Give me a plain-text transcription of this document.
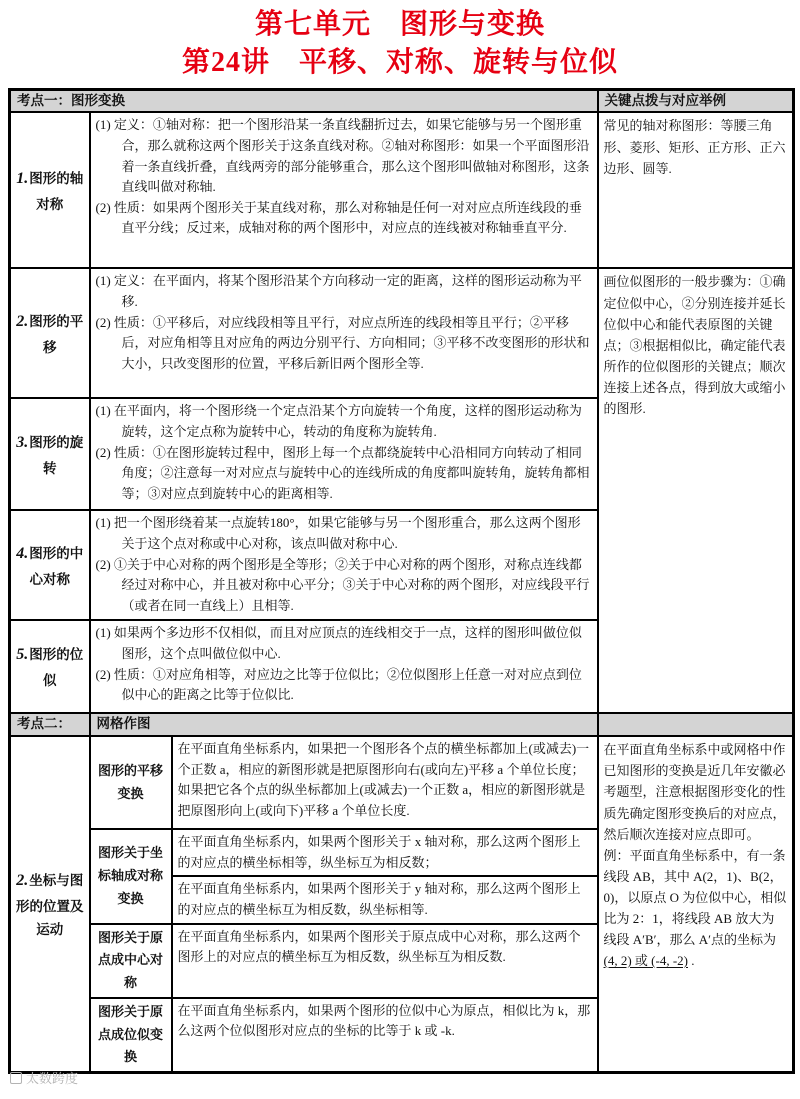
第七单元　图形与变换
第24讲　平移、对称、旋转与位似
考点一：图形变换			关键点拨与对应举例
1.图形的轴对称	(1) 定义：①轴对称：把一个图形沿某一条直线翻折过去，如果它能够与另一个图形重合，那么就称这两个图形关于这条直线对称。②轴对称图形：如果一个平面图形沿着一条直线折叠，直线两旁的部分能够重合，那么这个图形叫做轴对称图形，这条直线叫做对称轴.

(2) 性质：如果两个图形关于某直线对称，那么对称轴是任何一对对应点所连线段的垂直平分线；反过来，成轴对称的两个图形中，对应点的连线被对称轴垂直平分.		常见的轴对称图形：等腰三角形、菱形、矩形、正方形、正六边形、圆等.
2.图形的平移	(1) 定义：在平面内，将某个图形沿某个方向移动一定的距离，这样的图形运动称为平移.

(2) 性质：①平移后，对应线段相等且平行，对应点所连的线段相等且平行；②平移后，对应角相等且对应角的两边分别平行、方向相同；③平移不改变图形的形状和大小，只改变图形的位置，平移后新旧两个图形全等.		画位似图形的一般步骤为：①确定位似中心，②分别连接并延长位似中心和能代表原图的关键点；③根据相似比，确定能代表所作的位似图形的关键点；顺次连接上述各点，得到放大或缩小的图形.
3.图形的旋转	(1) 在平面内，将一个图形绕一个定点沿某个方向旋转一个角度，这样的图形运动称为旋转，这个定点称为旋转中心，转动的角度称为旋转角.

(2) 性质：①在图形旋转过程中，图形上每一个点都绕旋转中心沿相同方向转动了相同角度；②注意每一对对应点与旋转中心的连线所成的角度都叫旋转角，旋转角都相等；③对应点到旋转中心的距离相等.		

4.图形的中心对称	(1) 把一个图形绕着某一点旋转180°，如果它能够与另一个图形重合，那么这两个图形关于这个点对称或中心对称，该点叫做对称中心.

(2) ①关于中心对称的两个图形是全等形；②关于中心对称的两个图形，对称点连线都经过对称中心，并且被对称中心平分；③关于中心对称的两个图形，对应线段平行（或者在同一直线上）且相等.		

5.图形的位似	(1) 如果两个多边形不仅相似，而且对应顶点的连线相交于一点，这样的图形叫做位似图形，这个点叫做位似中心.

(2) 性质：①对应角相等，对应边之比等于位似比；②位似图形上任意一对对应点到位似中心的距离之比等于位似比.		

考点二：	网格作图		
2.坐标与图形的位置及运动	图形的平移变换	在平面直角坐标系内，如果把一个图形各个点的横坐标都加上(或减去)一个正数 a，相应的新图形就是把原图形向右(或向左)平移 a 个单位长度；如果把它各个点的纵坐标都加上(或减去)一个正数 a，相应的新图形就是把原图形向上(或向下)平移 a 个单位长度.	在平面直角坐标系中或网格中作已知图形的变换是近几年安徽必考题型，注意根据图形变化的性质先确定图形变换后的对应点，然后顺次连接对应点即可。

例：平面直角坐标系中，有一条线段 AB，其中 A(2，1)、B(2，0)，以原点 O 为位似中心，相似比为 2：1，将线段 AB 放大为线段 A′B′，那么 A′点的坐标为 (4, 2) 或 (-4, -2) .

	图形关于坐标轴成对称变换	在平面直角坐标系内，如果两个图形关于 x 轴对称，那么这两个图形上的对应点的横坐标相等，纵坐标互为相反数；	
		在平面直角坐标系内，如果两个图形关于 y 轴对称，那么这两个图形上的对应点的横坐标互为相反数，纵坐标相等.	
	图形关于原点成中心对称	在平面直角坐标系内，如果两个图形关于原点成中心对称，那么这两个图形上的对应点的横坐标互为相反数，纵坐标互为相反数.	
	图形关于原点成位似变换	在平面直角坐标系内，如果两个图形的位似中心为原点，相似比为 k，那么这两个位似图形对应点的坐标的比等于 k 或 -k.	
太数跨度
